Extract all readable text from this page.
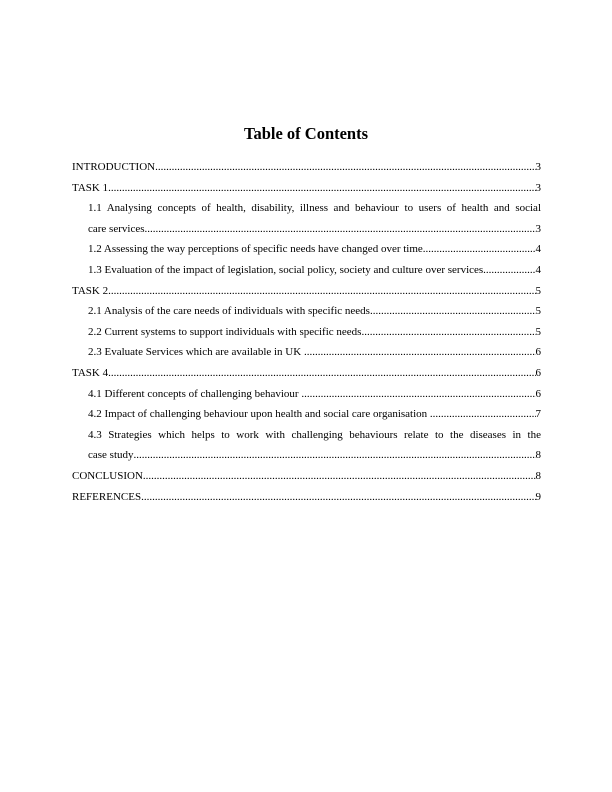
Table of Contents
INTRODUCTION .....	3
TASK 1 .....	3
1.1 Analysing concepts of health, disability, illness and behaviour to users of health and social
care services .....	3
1.2 Assessing the way perceptions of specific needs have changed over time .....	4
1.3 Evaluation of the impact of legislation, social policy, society and culture over services .....	4
TASK 2 .....	5
2.1 Analysis of the care needs of individuals with specific needs .....	5
2.2 Current systems to support individuals with specific needs .....	5
2.3 Evaluate Services which are available in UK .....	6
TASK 4 .....	6
4.1 Different concepts of challenging behaviour .....	6
4.2 Impact of challenging behaviour upon health and social care organisation .....	7
4.3 Strategies which helps to work with challenging behaviours relate to the diseases in the
case study .....	8
CONCLUSION .....	8
REFERENCES .....	9
